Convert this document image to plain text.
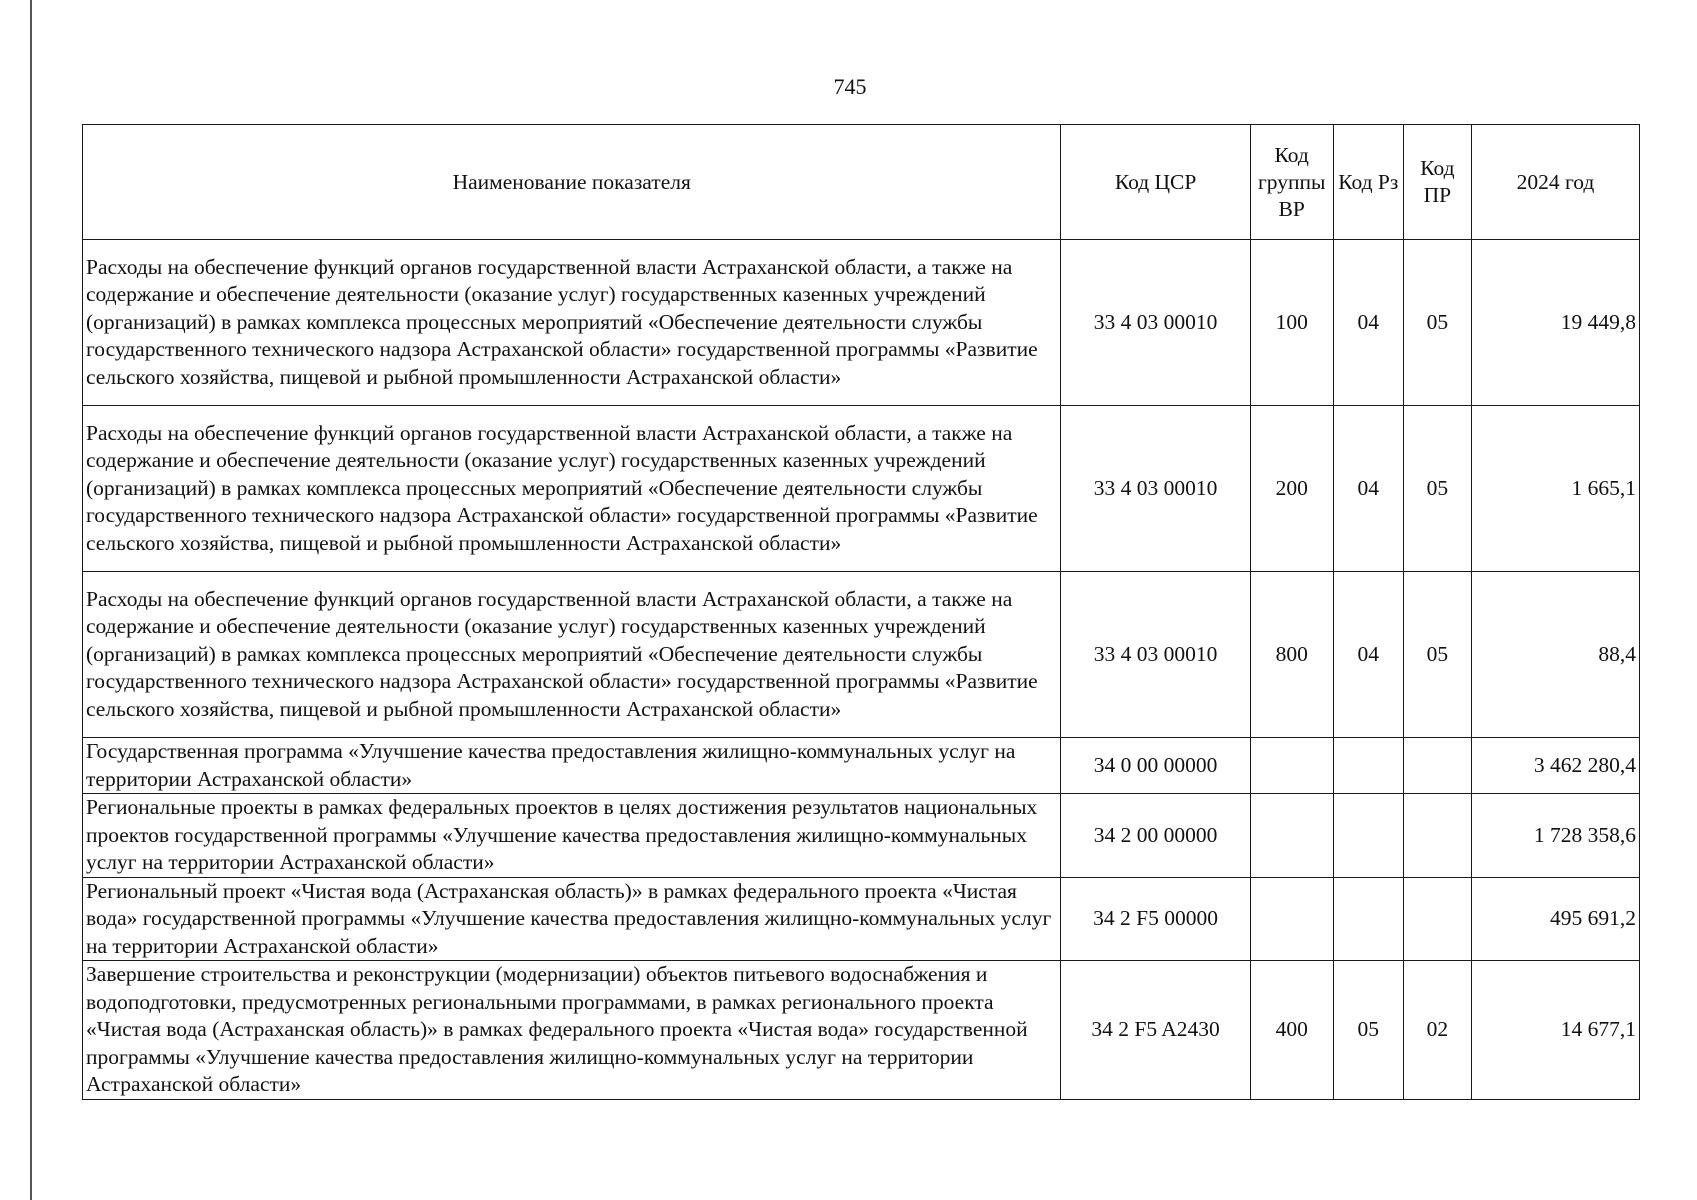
745
Наименование показателя	Код ЦСР	Код группы ВР	Код Рз	Код ПР	2024 год
Расходы на обеспечение функций органов государственной власти Астраханской области, а также на содержание и обеспечение деятельности (оказание услуг) государственных казенных учреждений (организаций) в рамках комплекса процессных мероприятий «Обеспечение деятельности службы государственного технического надзора Астраханской области» государственной программы «Развитие сельского хозяйства, пищевой и рыбной промышленности Астраханской области»	33 4 03 00010	100	04	05	19 449,8
Расходы на обеспечение функций органов государственной власти Астраханской области, а также на содержание и обеспечение деятельности (оказание услуг) государственных казенных учреждений (организаций) в рамках комплекса процессных мероприятий «Обеспечение деятельности службы государственного технического надзора Астраханской области» государственной программы «Развитие сельского хозяйства, пищевой и рыбной промышленности Астраханской области»	33 4 03 00010	200	04	05	1 665,1
Расходы на обеспечение функций органов государственной власти Астраханской области, а также на содержание и обеспечение деятельности (оказание услуг) государственных казенных учреждений (организаций) в рамках комплекса процессных мероприятий «Обеспечение деятельности службы государственного технического надзора Астраханской области» государственной программы «Развитие сельского хозяйства, пищевой и рыбной промышленности Астраханской области»	33 4 03 00010	800	04	05	88,4
Государственная программа «Улучшение качества предоставления жилищно-коммунальных услуг на территории Астраханской области»	34 0 00 00000				3 462 280,4
Региональные проекты в рамках федеральных проектов в целях достижения результатов национальных проектов государственной программы «Улучшение качества предоставления жилищно-коммунальных услуг на территории Астраханской области»	34 2 00 00000				1 728 358,6
Региональный проект «Чистая вода (Астраханская область)» в рамках федерального проекта «Чистая вода» государственной программы «Улучшение качества предоставления жилищно-коммунальных услуг на территории Астраханской области»	34 2 F5 00000				495 691,2
Завершение строительства и реконструкции (модернизации) объектов питьевого водоснабжения и водоподготовки, предусмотренных региональными программами, в рамках регионального проекта «Чистая вода (Астраханская область)» в рамках федерального проекта «Чистая вода» государственной программы «Улучшение качества предоставления жилищно-коммунальных услуг на территории Астраханской области»	34 2 F5 A2430	400	05	02	14 677,1
